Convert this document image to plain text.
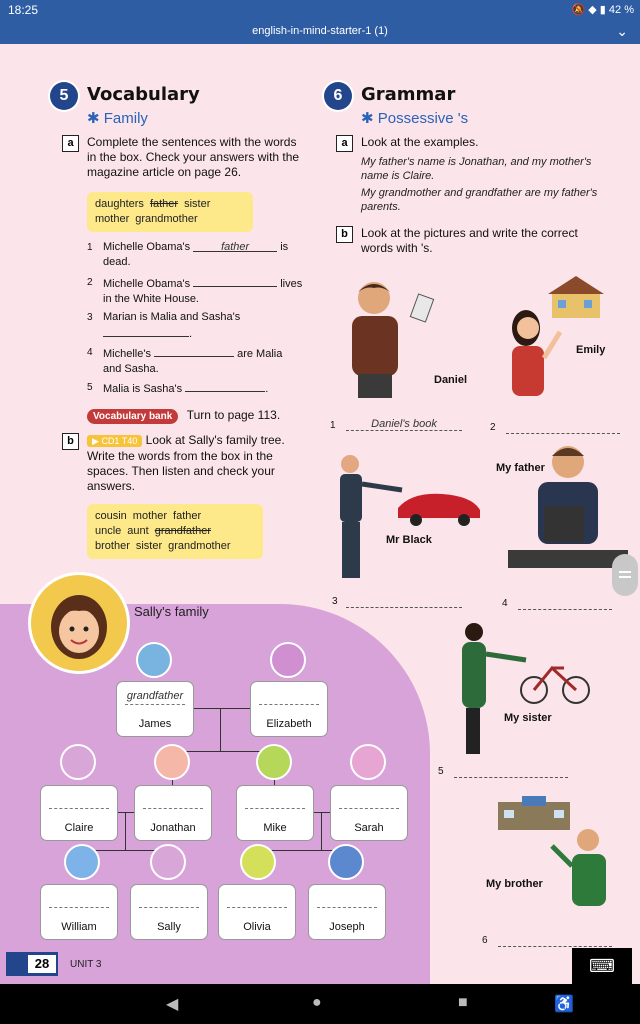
18:25	🔕 ◆ ▮ 42 %
english-in-mind-starter-1 (1)	⌄
5	Vocabulary
✱ Family
a	Complete the sentences with the words in the box. Check your answers with the magazine article on page 26.
daughters father sister
mother grandmother
1 Michelle Obama's	father	is dead.
2 Michelle Obama's	lives in the White House.
3 Marian is Malia and Sasha's
.
4 Michelle's	are Malia and Sasha.
5 Malia is Sasha's	.
Vocabulary bank Turn to page 113.
b	▶ CD1 T40 Look at Sally's family tree. Write the words from the box in the spaces. Then listen and check your answers.
cousin mother father
uncle aunt grandfather
brother sister grandmother
Sally's family
grandfather
James	Elizabeth
Claire	Jonathan	Mike	Sarah
William	Sally	Olivia	Joseph
6	Grammar
✱ Possessive 's
a	Look at the examples.
My father's name is Jonathan, and my mother's name is Claire.
My grandmother and grandfather are my father's parents.
b	Look at the pictures and write the correct words with 's.
Daniel
Emily
1	Daniel's book	2
Mr Black
My father
3	4
My sister
5
My brother
6
28	UNIT 3	⌨
◀	●	■	♿
